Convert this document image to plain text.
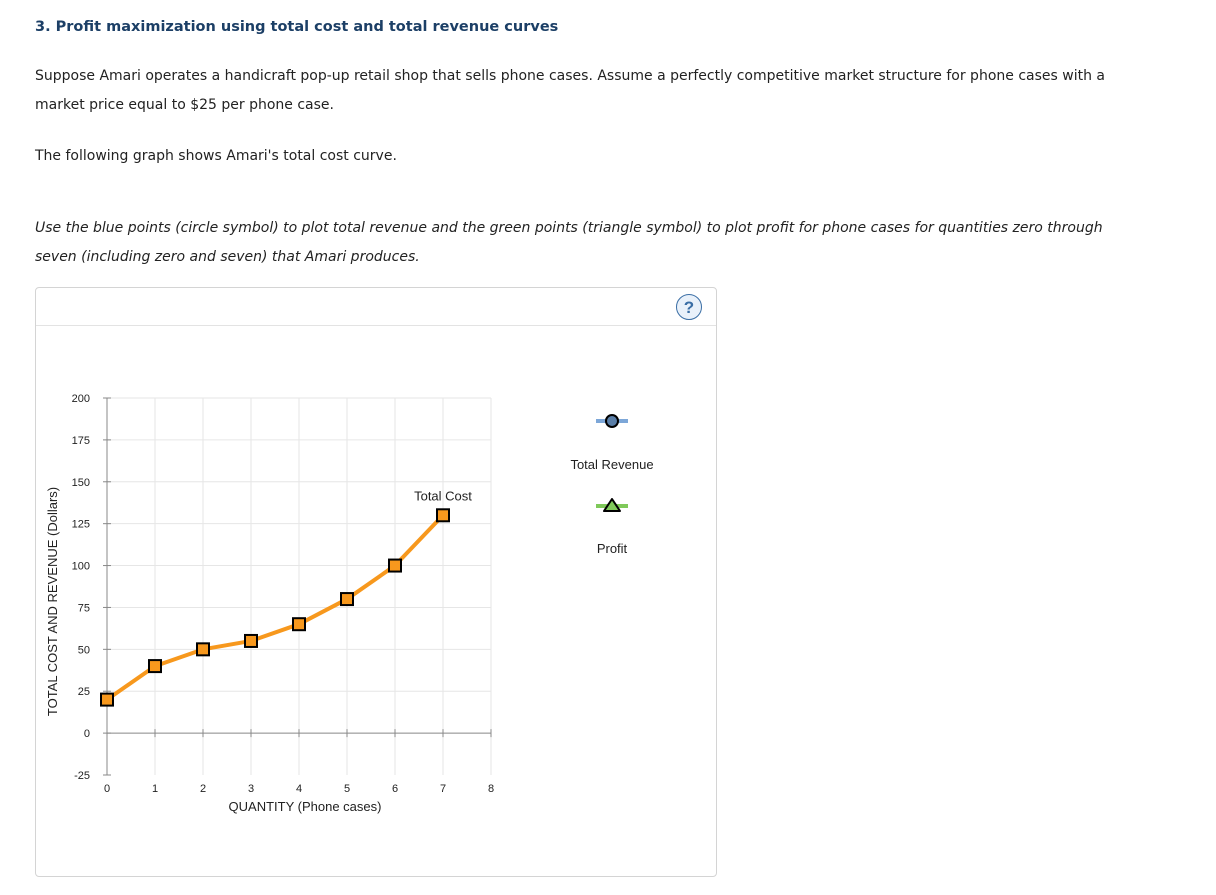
3. Profit maximization using total cost and total revenue curves

Suppose Amari operates a handicraft pop-up retail shop that sells phone cases. Assume a perfectly competitive market structure for phone cases with a market price equal to $25 per phone case.

The following graph shows Amari's total cost curve.

Use the blue points (circle symbol) to plot total revenue and the green points (triangle symbol) to plot profit for phone cases for quantities zero through seven (including zero and seven) that Amari produces.

?
-25
0
25
50
75
100
125
150
175
200
0	1	2	3	4	5	6	7	8
QUANTITY (Phone cases)
TOTAL COST AND REVENUE (Dollars)	Total Cost
Total Revenue
Profit
